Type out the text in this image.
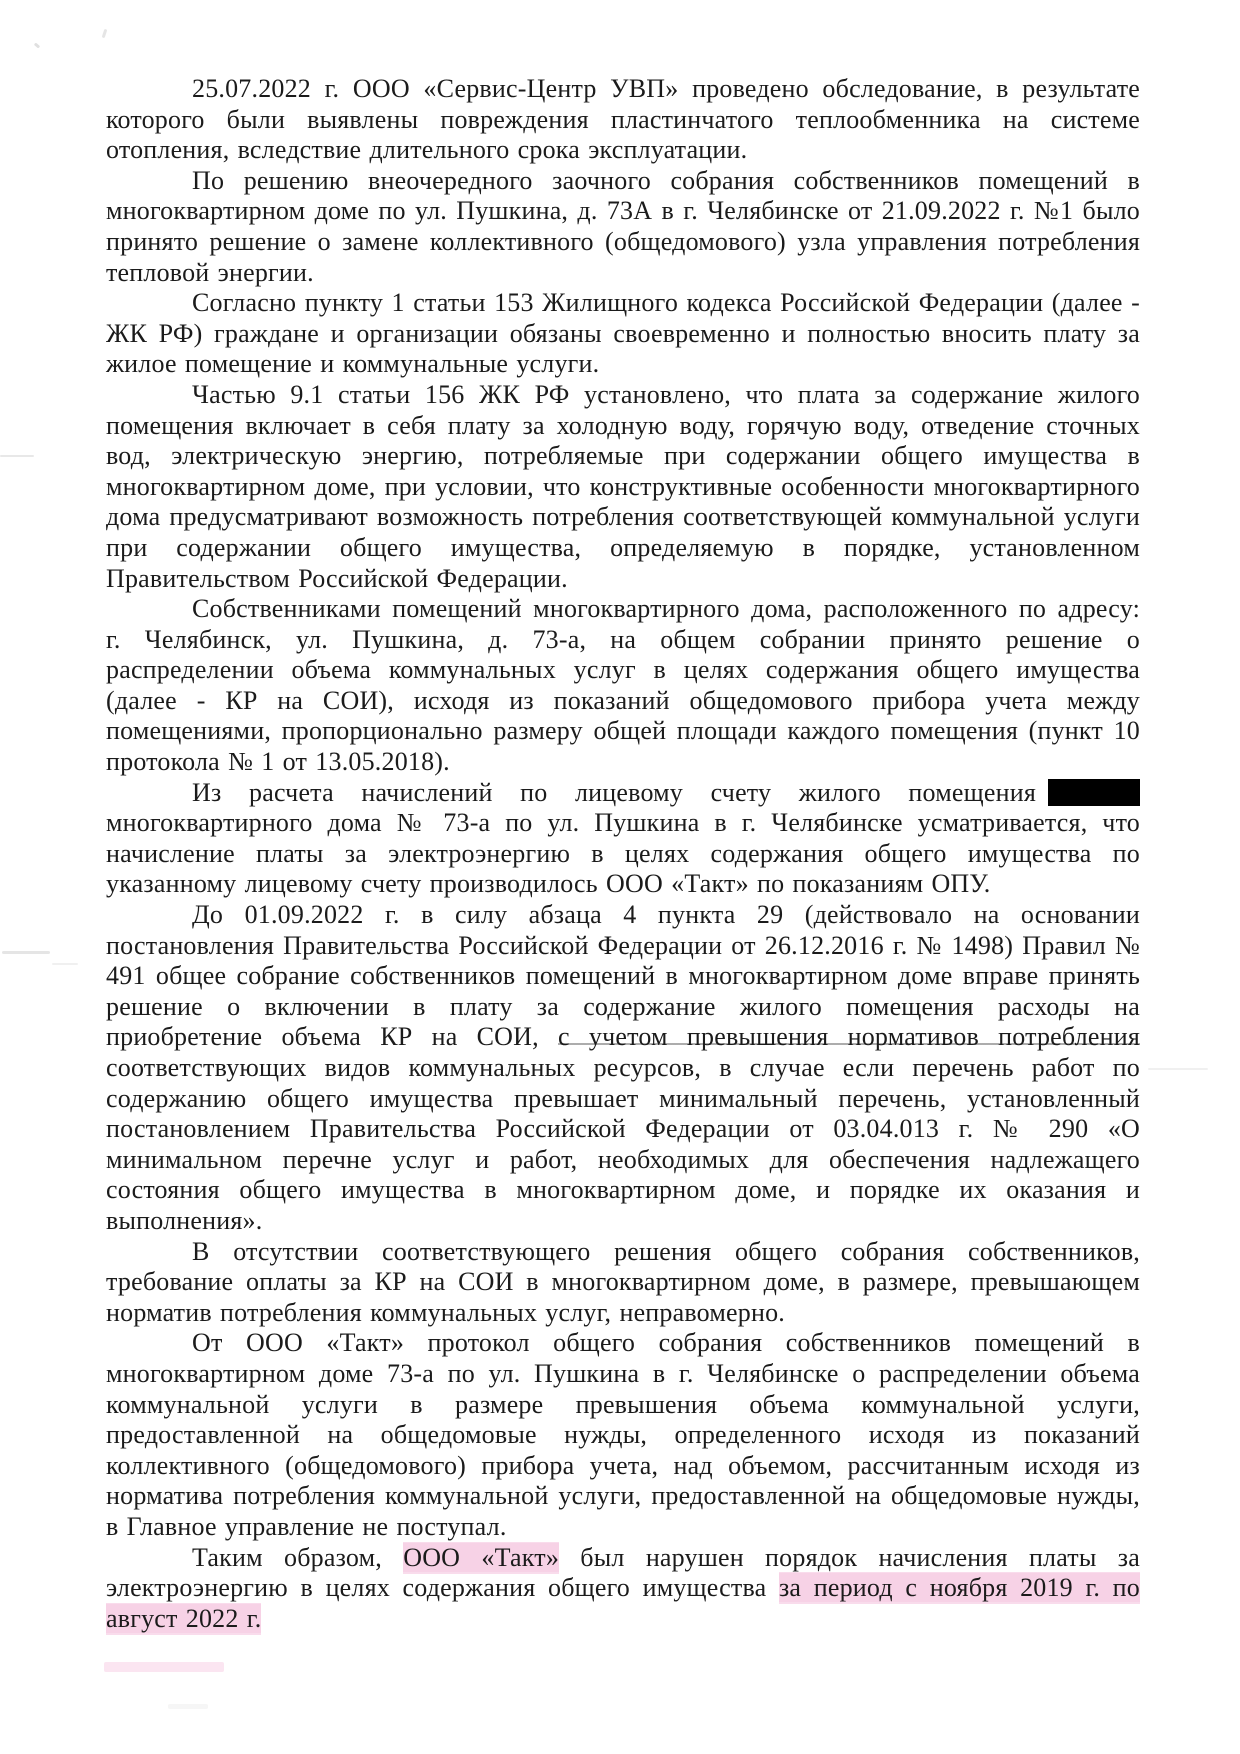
25.07.2022 г. ООО «Сервис-Центр УВП» проведено обследование, в результате которого были выявлены повреждения пластинчатого теплообменника на системе отопления, вследствие длительного срока эксплуатации.

По решению внеочередного заочного собрания собственников помещений в многоквартирном доме по ул. Пушкина, д. 73А в г. Челябинске от 21.09.2022 г. №1 было принято решение о замене коллективного (общедомового) узла управления потребления тепловой энергии.

Согласно пункту 1 статьи 153 Жилищного кодекса Российской Федерации (далее - ЖК РФ) граждане и организации обязаны своевременно и полностью вносить плату за жилое помещение и коммунальные услуги.

Частью 9.1 статьи 156 ЖК РФ установлено, что плата за содержание жилого помещения включает в себя плату за холодную воду, горячую воду, отведение сточных вод, электрическую энергию, потребляемые при содержании общего имущества в многоквартирном доме, при условии, что конструктивные особенности многоквартирного дома предусматривают возможность потребления соответствующей коммунальной услуги при содержании общего имущества, определяемую в порядке, установленном Правительством Российской Федерации.

Собственниками помещений многоквартирного дома, расположенного по адресу: г. Челябинск, ул. Пушкина, д. 73-а, на общем собрании принято решение о распределении объема коммунальных услуг в целях содержания общего имущества (далее - КР на СОИ), исходя из показаний общедомового прибора учета между помещениями, пропорционально размеру общей площади каждого помещения (пункт 10 протокола № 1 от 13.05.2018).

Из расчета начислений по лицевому счету жилого помещения многоквартирного дома № 73-а по ул. Пушкина в г. Челябинске усматривается, что начисление платы за электроэнергию в целях содержания общего имущества по указанному лицевому счету производилось ООО «Такт» по показаниям ОПУ.

До 01.09.2022 г. в силу абзаца 4 пункта 29 (действовало на основании постановления Правительства Российской Федерации от 26.12.2016 г. № 1498) Правил № 491 общее собрание собственников помещений в многоквартирном доме вправе принять решение о включении в плату за содержание жилого помещения расходы на приобретение объема КР на СОИ, с учетом превышения нормативов потребления соответствующих видов коммунальных ресурсов, в случае если перечень работ по содержанию общего имущества превышает минимальный перечень, установленный постановлением Правительства Российской Федерации от 03.04.013 г. № 290 «О минимальном перечне услуг и работ, необходимых для обеспечения надлежащего состояния общего имущества в многоквартирном доме, и порядке их оказания и выполнения».

В отсутствии соответствующего решения общего собрания собственников, требование оплаты за КР на СОИ в многоквартирном доме, в размере, превышающем норматив потребления коммунальных услуг, неправомерно.

От ООО «Такт» протокол общего собрания собственников помещений в многоквартирном доме 73-а по ул. Пушкина в г. Челябинске о распределении объема коммунальной услуги в размере превышения объема коммунальной услуги, предоставленной на общедомовые нужды, определенного исходя из показаний коллективного (общедомового) прибора учета, над объемом, рассчитанным исходя из норматива потребления коммунальной услуги, предоставленной на общедомовые нужды, в Главное управление не поступал.

Таким образом, ООО «Такт» был нарушен порядок начисления платы за электроэнергию в целях содержания общего имущества за период с ноября 2019 г. по август 2022 г.
